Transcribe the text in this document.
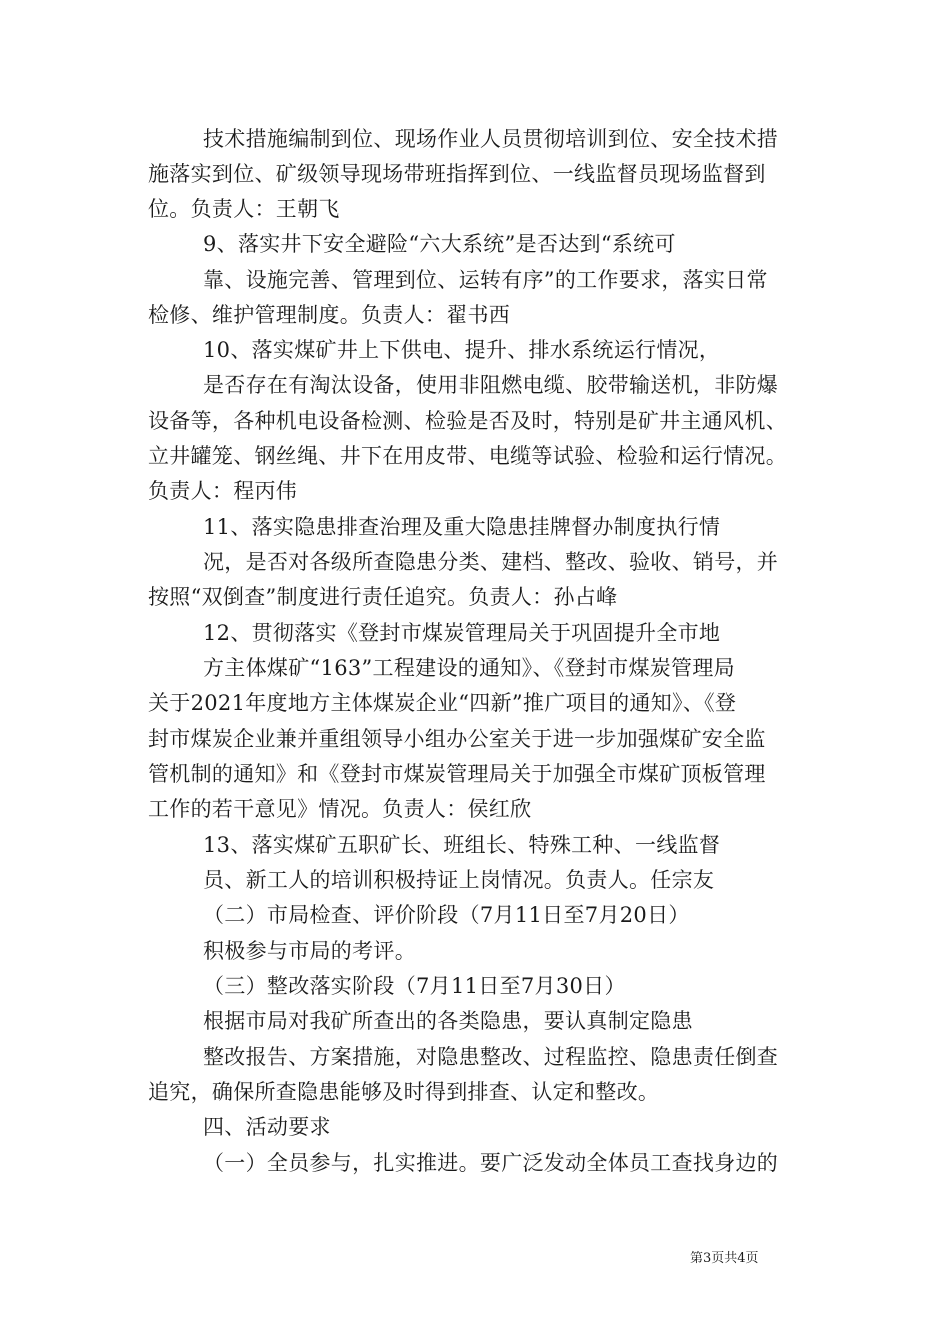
技术措施编制到位、现场作业人员贯彻培训到位、安全技术措
施落实到位、矿级领导现场带班指挥到位、一线监督员现场监督到
位。负责人：王朝飞
9、落实井下安全避险“六大系统”是否达到“系统可
靠、设施完善、管理到位、运转有序”的工作要求，落实日常
检修、维护管理制度。负责人：翟书西
10、落实煤矿井上下供电、提升、排水系统运行情况，
是否存在有淘汰设备，使用非阻燃电缆、胶带输送机，非防爆
设备等，各种机电设备检测、检验是否及时，特别是矿井主通风机、
立井罐笼、钢丝绳、井下在用皮带、电缆等试验、检验和运行情况。
负责人：程丙伟
11、落实隐患排查治理及重大隐患挂牌督办制度执行情
况，是否对各级所查隐患分类、建档、整改、验收、销号，并
按照“双倒查”制度进行责任追究。负责人：孙占峰
12、贯彻落实《登封市煤炭管理局关于巩固提升全市地
方主体煤矿“163”工程建设的通知》、《登封市煤炭管理局
关于2021年度地方主体煤炭企业“四新”推广项目的通知》、《登
封市煤炭企业兼并重组领导小组办公室关于进一步加强煤矿安全监
管机制的通知》和《登封市煤炭管理局关于加强全市煤矿顶板管理
工作的若干意见》情况。负责人：侯红欣
13、落实煤矿五职矿长、班组长、特殊工种、一线监督
员、新工人的培训积极持证上岗情况。负责人。任宗友
（二）市局检查、评价阶段（7月11日至7月20日）
积极参与市局的考评。
（三）整改落实阶段（7月11日至7月30日）
根据市局对我矿所查出的各类隐患，要认真制定隐患
整改报告、方案措施，对隐患整改、过程监控、隐患责任倒查
追究，确保所查隐患能够及时得到排查、认定和整改。
四、活动要求
（一）全员参与，扎实推进。要广泛发动全体员工查找身边的
第3页共4页
